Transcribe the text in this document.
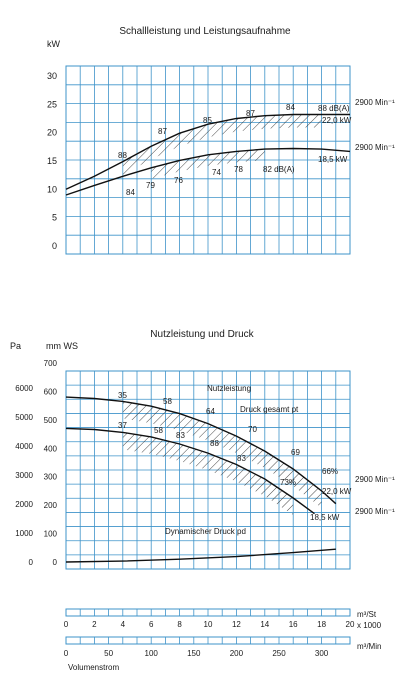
Schallleistung und Leistungsaufnahme
kW
0
5
10
15
20
25
30
88
87
85
87
84	88 dB(A)
84
79
76
74 78	82 dB(A)
22,0 kW
2900 Min⁻¹
18,5 kW
2900 Min⁻¹
Nutzleistung und Druck
Pa	mm WS
0
100
200
300
400
500
600
700
0
1000
2000
3000
4000
5000
6000	Nutzleistung
Druck gesamt pt
Dynamischer Druck pd
35
58
64
70
69
66%
37
58
83
88
83
73%
22,0 kW
2900 Min⁻¹
18,5 kW
2900 Min⁻¹
0	2	4	6	8	10 12 14 16 18 20
0	50	100	150	200	250	300
m³/St
x 1000
m³/Min
Volumenstrom
